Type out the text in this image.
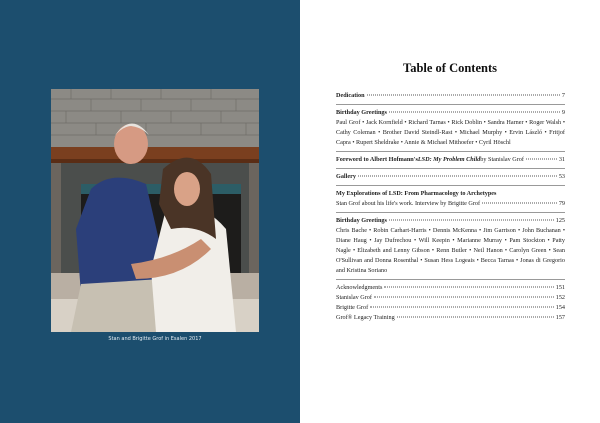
Stan and Brigitte Grof in Esalen 2017
Table of Contents
Dedication	7
Birthday Greetings	9
Paul Grof • Jack Kornfield • Richard Tarnas • Rick Doblin • Sandra Harner • Roger Walsh • Cathy Coleman • Brother David Steindl-Rast • Michael Murphy • Ervin László • Fritjof Capra • Rupert Sheldrake • Annie & Michael Mithoefer • Cyril Höschl
Foreword to Albert Hofmann's LSD: My Problem Child by Stanislav Grof	31
Gallery	53
My Explorations of LSD: From Pharmacology to Archetypes
Stan Grof about his life's work. Interview by Brigitte Grof	79
Birthday Greetings	125
Chris Bache • Robin Carhart-Harris • Dennis McKenna • Jim Garrison • John Buchanan • Diane Haug • Jay Dufrechou • Will Keepin • Marianne Murray • Pam Stockton • Patty Nagle • Elizabeth and Lenny Gibson • Renn Butler • Neil Hanon • Carolyn Green • Sean O'Sullivan and Donna Rosenthal • Susan Hess Logeais • Becca Tarnas • Jonas di Gregorio and Kristina Soriano
Acknowledgments	151
Stanislav Grof	152
Brigitte Grof	154
Grof® Legacy Training	157
